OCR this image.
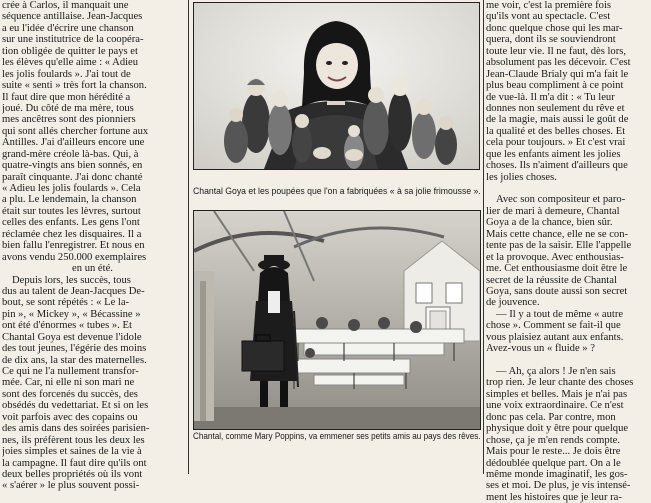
crée à Carlos, il manquait une
séquence antillaise. Jean-Jacques
a eu l'idée d'écrire une chanson
sur une institutrice de la coopéra-
tion obligée de quitter le pays et
les élèves qu'elle aime : « Adieu
les jolis foulards ». J'ai tout de
suite « senti » très fort la chanson.
Il faut dire que mon hérédité a
joué. Du côté de ma mère, tous
mes ancêtres sont des pionniers
qui sont allés chercher fortune aux
Antilles. J'ai d'ailleurs encore une
grand-mère créole là-bas. Qui, à
quatre-vingts ans bien sonnés, en
paraît cinquante. J'ai donc chanté
« Adieu les jolis foulards ». Cela
a plu. Le lendemain, la chanson
était sur toutes les lèvres, surtout
celles des enfants. Les gens l'ont
réclamée chez les disquaires. Il a
bien fallu l'enregistrer. Et nous en
avons vendu 250.000 exemplaires
en un été.
Depuis lors, les succès, tous
dus au talent de Jean-Jacques De-
bout, se sont répétés : « Le la-
pin », « Mickey », « Bécassine »
ont été d'énormes « tubes ». Et
Chantal Goya est devenue l'idole
des tout jeunes, l'égérie des moins
de dix ans, la star des maternelles.
Ce qui ne l'a nullement transfor-
mée. Car, ni elle ni son mari ne
sont des forcenés du succès, des
obsédés du vedettariat. Et si on les
voit parfois avec des copains ou
des amis dans des soirées parisien-
nes, ils préfèrent tous les deux les
joies simples et saines de la vie à
la campagne. Il faut dire qu'ils ont
deux belles propriétés où ils vont
« s'aérer » le plus souvent possi-
Chantal Goya et les poupées que l'on a fabriquées « à sa jolie frimousse ».
Chantal, comme Mary Poppins, va emmener ses petits amis au pays des rêves.
me voir, c'est la première fois
qu'ils vont au spectacle. C'est
donc quelque chose qui les mar-
quera, dont ils se souviendront
toute leur vie. Il ne faut, dès lors,
absolument pas les décevoir. C'est
Jean-Claude Brialy qui m'a fait le
plus beau compliment à ce point
de vue-là. Il m'a dit : « Tu leur
donnes non seulement du rêve et
de la magie, mais aussi le goût de
la qualité et des belles choses. Et
cela pour toujours. » Et c'est vrai
que les enfants aiment les jolies
choses. Ils n'aiment d'ailleurs que
les jolies choses.
Avec son compositeur et paro-
lier de mari à demeure, Chantal
Goya a de la chance, bien sûr.
Mais cette chance, elle ne se con-
tente pas de la saisir. Elle l'appelle
et la provoque. Avec enthousias-
me. Cet enthousiasme doit être le
secret de la réussite de Chantal
Goya, sans doute aussi son secret
de jouvence.
— Il y a tout de même « autre
chose ». Comment se fait-il que
vous plaisiez autant aux enfants.
Avez-vous un « fluide » ?
— Ah, ça alors ! Je n'en sais
trop rien. Je leur chante des choses
simples et belles. Mais je n'ai pas
une voix extraordinaire. Ce n'est
donc pas cela. Par contre, mon
physique doit y être pour quelque
chose, ça je m'en rends compte.
Mais pour le reste... Je dois être
dédoublée quelque part. On a le
même monde imaginatif, les gos-
ses et moi. De plus, je vis intensé-
ment les histoires que je leur ra-
